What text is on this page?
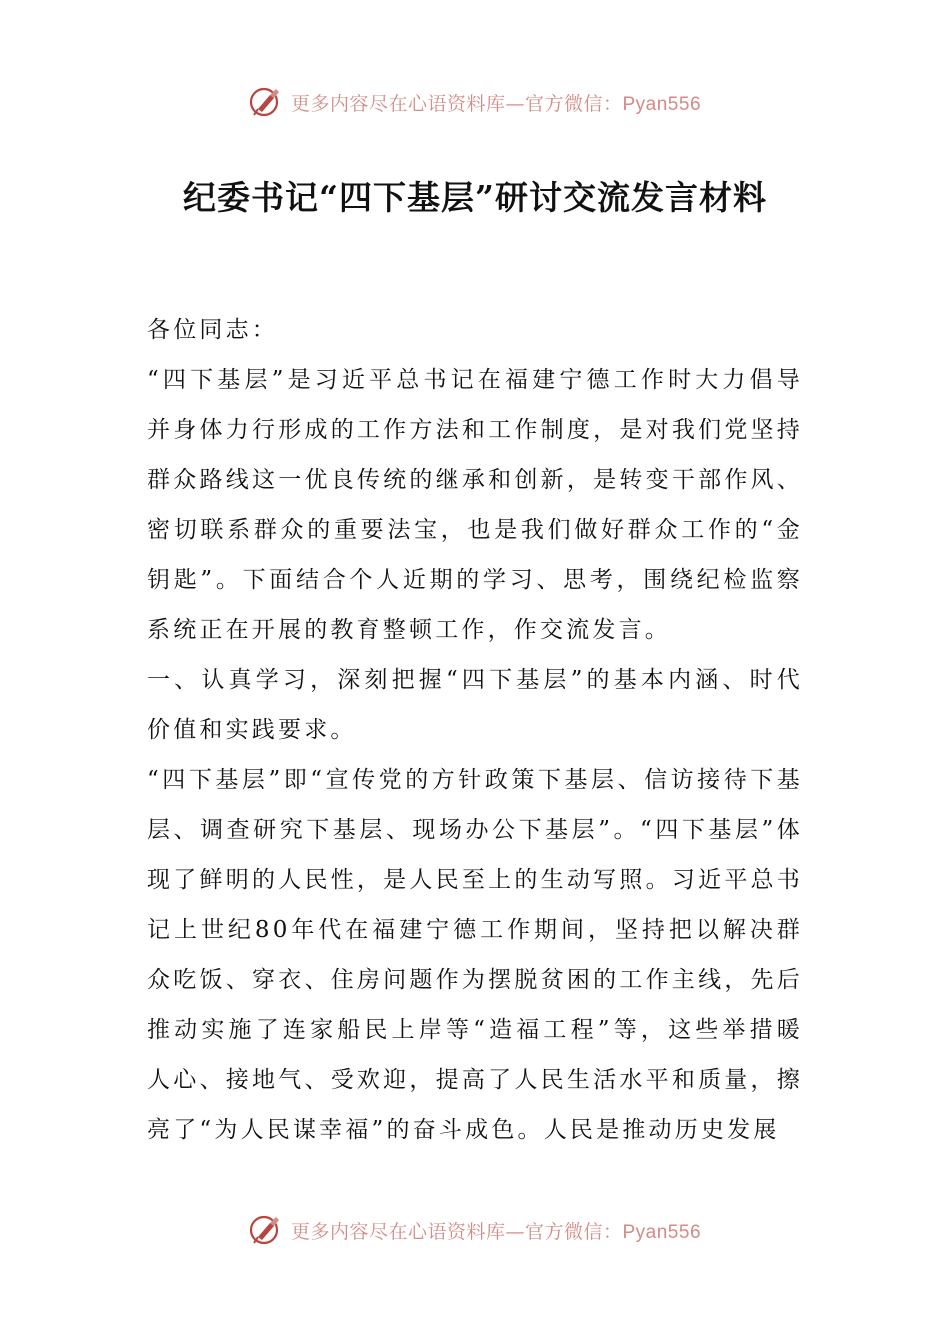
更多内容尽在心语资料库—官方微信：Pyan556
纪委书记“四下基层”研讨交流发言材料

各位同志：

“四下基层”是习近平总书记在福建宁德工作时大力倡导并身体力行形成的工作方法和工作制度，是对我们党坚持群众路线这一优良传统的继承和创新，是转变干部作风、密切联系群众的重要法宝，也是我们做好群众工作的“金钥匙”。下面结合个人近期的学习、思考，围绕纪检监察系统正在开展的教育整顿工作，作交流发言。

一、认真学习，深刻把握“四下基层”的基本内涵、时代价值和实践要求。

“四下基层”即“宣传党的方针政策下基层、信访接待下基层、调查研究下基层、现场办公下基层”。“四下基层”体现了鲜明的人民性，是人民至上的生动写照。习近平总书记上世纪80年代在福建宁德工作期间，坚持把以解决群众吃饭、穿衣、住房问题作为摆脱贫困的工作主线，先后推动实施了连家船民上岸等“造福工程”等，这些举措暖人心、接地气、受欢迎，提高了人民生活水平和质量，擦亮了“为人民谋幸福”的奋斗成色。人民是推动历史发展

更多内容尽在心语资料库—官方微信：Pyan556
